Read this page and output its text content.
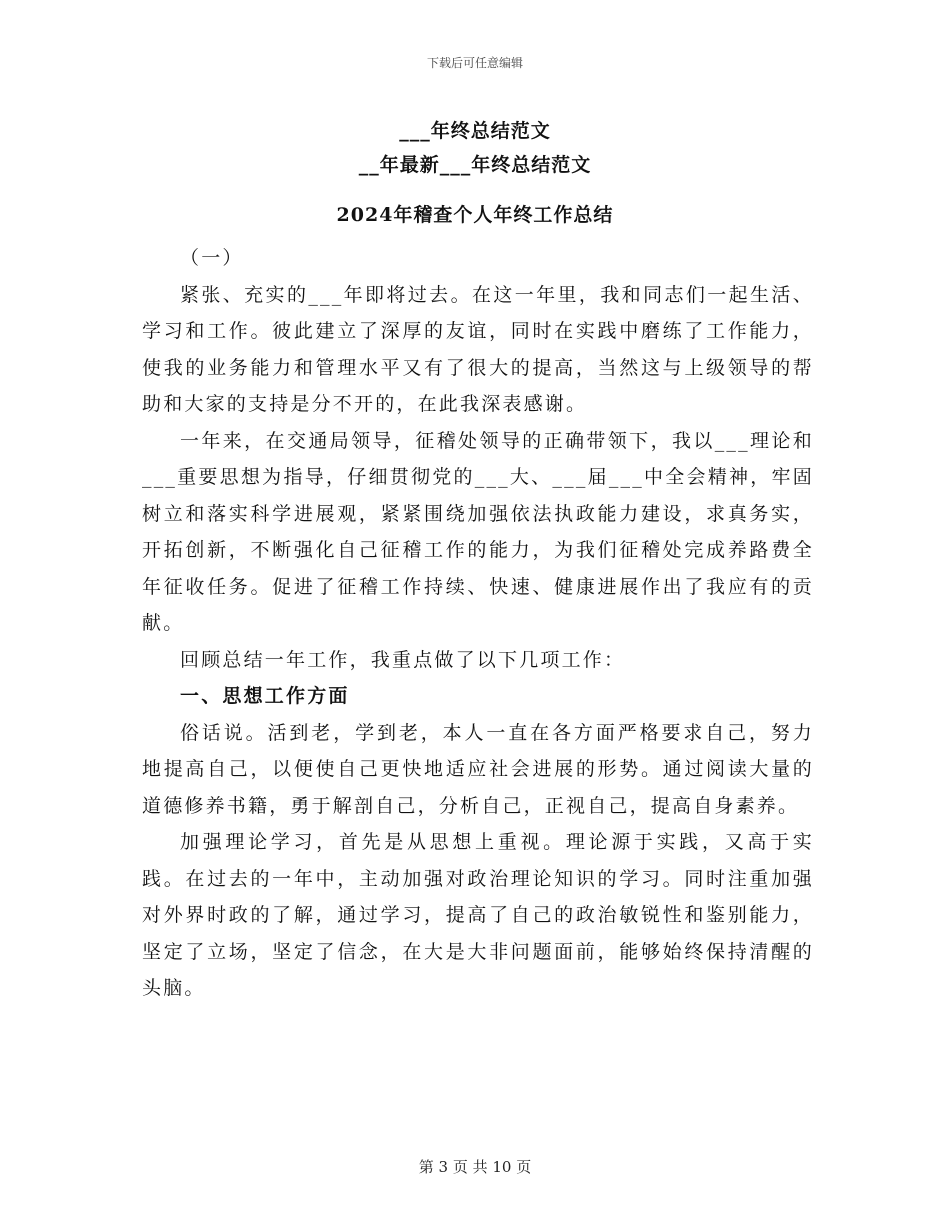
下载后可任意编辑
___年终总结范文
__年最新___年终总结范文
2024年稽查个人年终工作总结

（一）

紧张、充实的___年即将过去。在这一年里，我和同志们一起生活、学习和工作。彼此建立了深厚的友谊，同时在实践中磨练了工作能力，使我的业务能力和管理水平又有了很大的提高，当然这与上级领导的帮助和大家的支持是分不开的，在此我深表感谢。

一年来，在交通局领导，征稽处领导的正确带领下，我以___理论和___重要思想为指导，仔细贯彻党的___大、___届___中全会精神，牢固树立和落实科学进展观，紧紧围绕加强依法执政能力建设，求真务实，开拓创新，不断强化自己征稽工作的能力，为我们征稽处完成养路费全年征收任务。促进了征稽工作持续、快速、健康进展作出了我应有的贡献。

回顾总结一年工作，我重点做了以下几项工作：

一、思想工作方面

俗话说。活到老，学到老，本人一直在各方面严格要求自己，努力地提高自己，以便使自己更快地适应社会进展的形势。通过阅读大量的道德修养书籍，勇于解剖自己，分析自己，正视自己，提高自身素养。

加强理论学习，首先是从思想上重视。理论源于实践，又高于实践。在过去的一年中，主动加强对政治理论知识的学习。同时注重加强对外界时政的了解，通过学习，提高了自己的政治敏锐性和鉴别能力，坚定了立场，坚定了信念，在大是大非问题面前，能够始终保持清醒的头脑。

第 3 页 共 10 页
